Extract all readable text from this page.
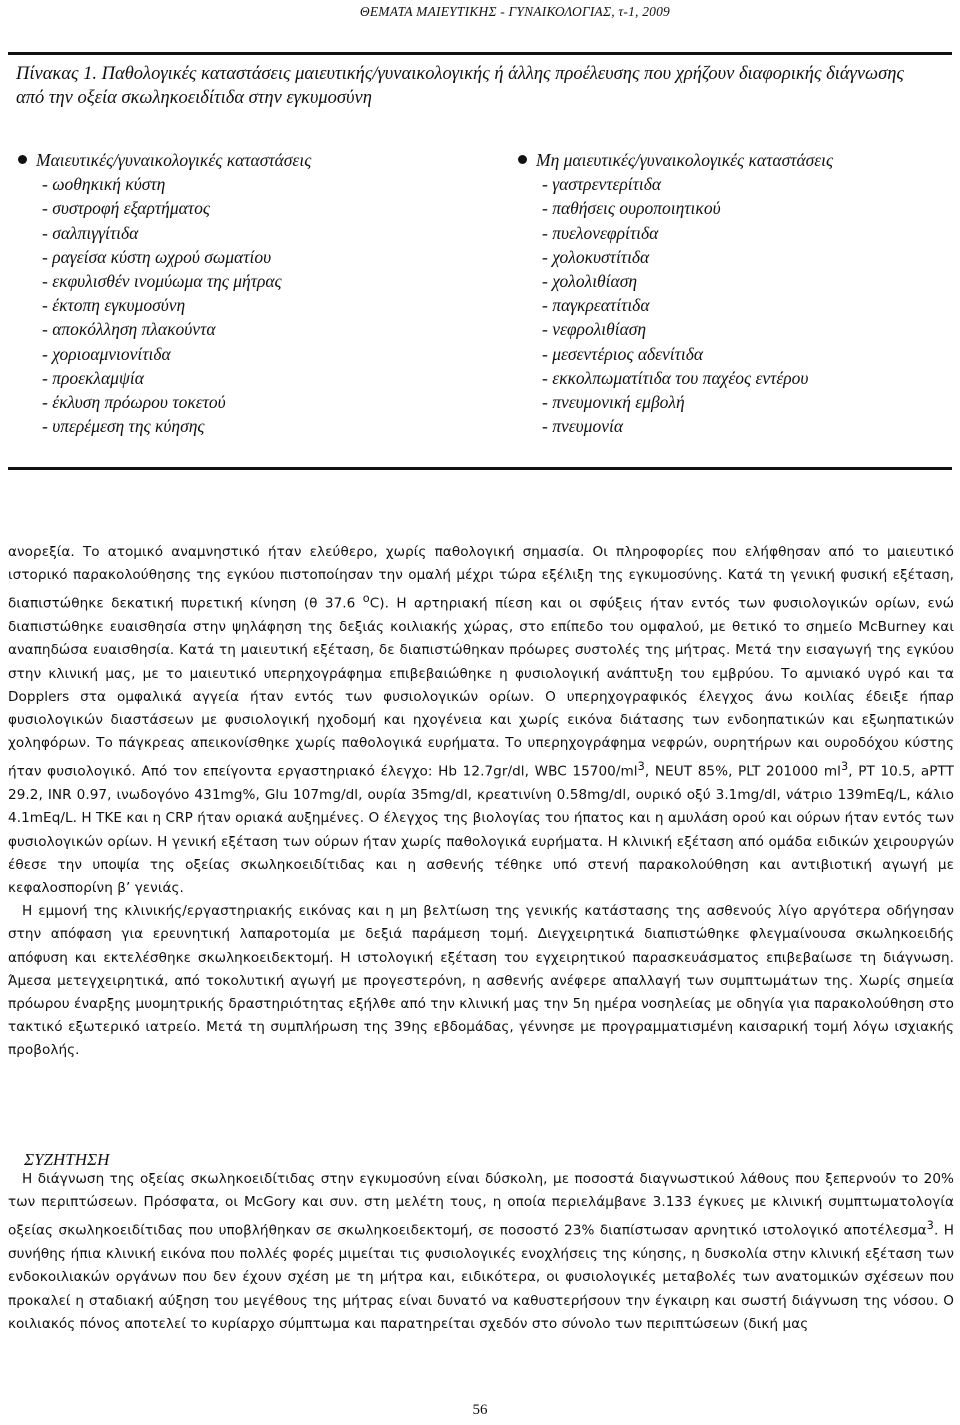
ΘΕΜΑΤΑ ΜΑΙΕΥΤΙΚΗΣ - ΓΥΝΑΙΚΟΛΟΓΙΑΣ, τ-1, 2009
Πίνακας 1. Παθολογικές καταστάσεις μαιευτικής/γυναικολογικής ή άλλης προέλευσης που χρήζουν διαφορικής διάγνωσης από την οξεία σκωληκοειδίτιδα στην εγκυμοσύνη
Μαιευτικές/γυναικολογικές καταστάσεις
- ωοθηκική κύστη
- συστροφή εξαρτήματος
- σαλπιγγίτιδα
- ραγείσα κύστη ωχρού σωματίου
- εκφυλισθέν ινομύωμα της μήτρας
- έκτοπη εγκυμοσύνη
- αποκόλληση πλακούντα
- χοριοαμνιονίτιδα
- προεκλαμψία
- έκλυση πρόωρου τοκετού
- υπερέμεση της κύησης
Μη μαιευτικές/γυναικολογικές καταστάσεις
- γαστρεντερίτιδα
- παθήσεις ουροποιητικού
- πυελονεφρίτιδα
- χολοκυστίτιδα
- χολολιθίαση
- παγκρεατίτιδα
- νεφρολιθίαση
- μεσεντέριος αδενίτιδα
- εκκολπωματίτιδα του παχέος εντέρου
- πνευμονική εμβολή
- πνευμονία

ανορεξία. Το ατομικό αναμνηστικό ήταν ελεύθερο, χωρίς παθολογική σημασία. Οι πληροφορίες που ελήφθησαν από το μαιευτικό ιστορικό παρακολούθησης της εγκύου πιστοποίησαν την ομαλή μέχρι τώρα εξέλιξη της εγκυμοσύνης. Κατά τη γενική φυσική εξέταση, διαπιστώθηκε δεκατική πυρετική κίνηση (θ 37.6 $^o$C). Η αρτηριακή πίεση και οι σφύξεις ήταν εντός των φυσιολογικών ορίων, ενώ διαπιστώθηκε ευαισθησία στην ψηλάφηση της δεξιάς κοιλιακής χώρας, στο επίπεδο του ομφαλού, με θετικό το σημείο McBurney και αναπηδώσα ευαισθησία. Κατά τη μαιευτική εξέταση, δε διαπιστώθηκαν πρόωρες συστολές της μήτρας. Μετά την εισαγωγή της εγκύου στην κλινική μας, με το μαιευτικό υπερηχογράφημα επιβεβαιώθηκε η φυσιολογική ανάπτυξη του εμβρύου. Το αμνιακό υγρό και τα Dopplers στα ομφαλικά αγγεία ήταν εντός των φυσιολογικών ορίων. Ο υπερηχογραφικός έλεγχος άνω κοιλίας έδειξε ήπαρ φυσιολογικών διαστάσεων με φυσιολογική ηχοδομή και ηχογένεια και χωρίς εικόνα διάτασης των ενδοηπατικών και εξωηπατικών χοληφόρων. Το πάγκρεας απεικονίσθηκε χωρίς παθολογικά ευρήματα. Το υπερηχογράφημα νεφρών, ουρητήρων και ουροδόχου κύστης ήταν φυσιολογικό. Από τον επείγοντα εργαστηριακό έλεγχο: Hb 12.7gr/dl, WBC $15700/ml^3$, NEUT 85%, PLT 201000 $ml^3$, PT 10.5, aPTT 29.2, INR 0.97, ινωδογόνο 431mg%, Glu 107mg/dl, ουρία 35mg/dl, κρεατινίνη 0.58mg/dl, ουρικό οξύ 3.1mg/dl, νάτριο 139mEq/L, κάλιο 4.1mEq/L. Η ΤΚΕ και η CRP ήταν οριακά αυξημένες. Ο έλεγχος της βιολογίας του ήπατος και η αμυλάση ορού και ούρων ήταν εντός των φυσιολογικών ορίων. Η γενική εξέταση των ούρων ήταν χωρίς παθολογικά ευρήματα. Η κλινική εξέταση από ομάδα ειδικών χειρουργών έθεσε την υποψία της οξείας σκωληκοειδίτιδας και η ασθενής τέθηκε υπό στενή παρακολούθηση και αντιβιοτική αγωγή με κεφαλοσπορίνη β’ γενιάς.

Η εμμονή της κλινικής/εργαστηριακής εικόνας και η μη βελτίωση της γενικής κατάστασης της ασθενούς λίγο αργότερα οδήγησαν στην απόφαση για ερευνητική λαπαροτομία με δεξιά παράμεση τομή. Διεγχειρητικά διαπιστώθηκε φλεγμαίνουσα σκωληκοειδής απόφυση και εκτελέσθηκε σκωληκοειδεκτομή. Η ιστολογική εξέταση του εγχειρητικού παρασκευάσματος επιβεβαίωσε τη διάγνωση. Άμεσα μετεγχειρητικά, από τοκολυτική αγωγή με προγεστερόνη, η ασθενής ανέφερε απαλλαγή των συμπτωμάτων της. Χωρίς σημεία πρόωρου έναρξης μυομητρικής δραστηριότητας εξήλθε από την κλινική μας την 5η ημέρα νοσηλείας με οδηγία για παρακολούθηση στο τακτικό εξωτερικό ιατρείο. Μετά τη συμπλήρωση της 39ης εβδομάδας, γέννησε με προγραμματισμένη καισαρική τομή λόγω ισχιακής προβολής.

ΣΥΖΗΤΗΣΗ

Η διάγνωση της οξείας σκωληκοειδίτιδας στην εγκυμοσύνη είναι δύσκολη, με ποσοστά διαγνωστικού λάθους που ξεπερνούν το 20% των περιπτώσεων. Πρόσφατα, οι McGory και συν. στη μελέτη τους, η οποία περιελάμβανε 3.133 έγκυες με κλινική συμπτωματολογία οξείας σκωληκοειδίτιδας που υποβλήθηκαν σε σκωληκοειδεκτομή, σε ποσοστό 23% διαπίστωσαν αρνητικό ιστολογικό αποτέλεσμα$^3$. Η συνήθης ήπια κλινική εικόνα που πολλές φορές μιμείται τις φυσιολογικές ενοχλήσεις της κύησης, η δυσκολία στην κλινική εξέταση των ενδοκοιλιακών οργάνων που δεν έχουν σχέση με τη μήτρα και, ειδικότερα, οι φυσιολογικές μεταβολές των ανατομικών σχέσεων που προκαλεί η σταδιακή αύξηση του μεγέθους της μήτρας είναι δυνατό να καθυστερήσουν την έγκαιρη και σωστή διάγνωση της νόσου. Ο κοιλιακός πόνος αποτελεί το κυρίαρχο σύμπτωμα και παρατηρείται σχεδόν στο σύνολο των περιπτώσεων (δική μας

56
